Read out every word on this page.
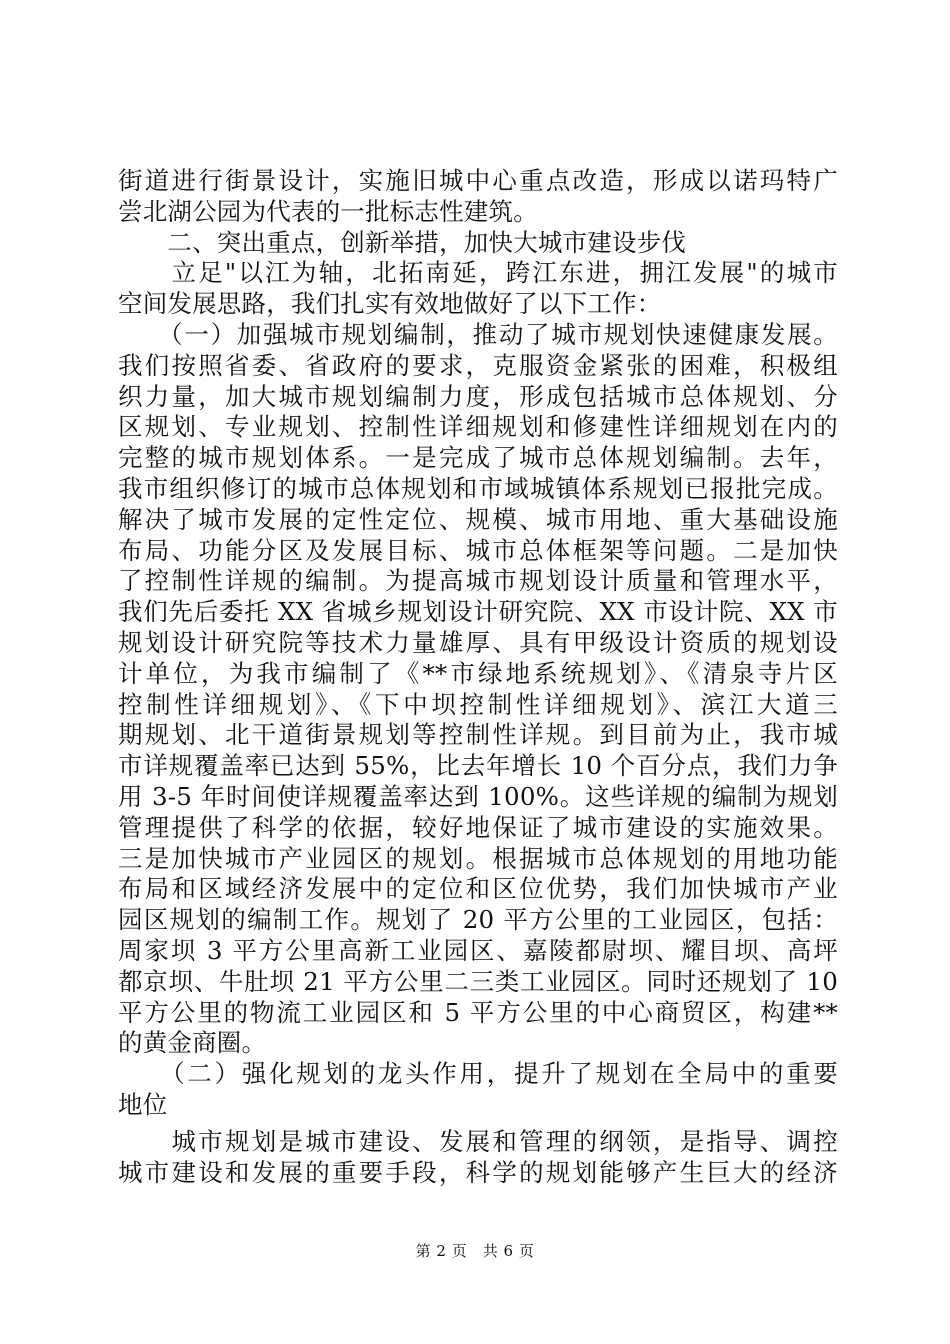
街道进行街景设计，实施旧城中心重点改造，形成以诺玛特广
尝北湖公园为代表的一批标志性建筑。
　　二、突出重点，创新举措，加快大城市建设步伐
　　立足"以江为轴，北拓南延，跨江东进，拥江发展"的城市
空间发展思路，我们扎实有效地做好了以下工作：
　　（一）加强城市规划编制，推动了城市规划快速健康发展。
我们按照省委、省政府的要求，克服资金紧张的困难，积极组
织力量，加大城市规划编制力度，形成包括城市总体规划、分
区规划、专业规划、控制性详细规划和修建性详细规划在内的
完整的城市规划体系。一是完成了城市总体规划编制。去年，
我市组织修订的城市总体规划和市域城镇体系规划已报批完成。
解决了城市发展的定性定位、规模、城市用地、重大基础设施
布局、功能分区及发展目标、城市总体框架等问题。二是加快
了控制性详规的编制。为提高城市规划设计质量和管理水平，
我们先后委托 XX 省城乡规划设计研究院、XX 市设计院、XX 市
规划设计研究院等技术力量雄厚、具有甲级设计资质的规划设
计单位，为我市编制了《**市绿地系统规划》、《清泉寺片区
控制性详细规划》、《下中坝控制性详细规划》、滨江大道三
期规划、北干道街景规划等控制性详规。到目前为止，我市城
市详规覆盖率已达到 55%，比去年增长 10 个百分点，我们力争
用 3-5 年时间使详规覆盖率达到 100%。这些详规的编制为规划
管理提供了科学的依据，较好地保证了城市建设的实施效果。
三是加快城市产业园区的规划。根据城市总体规划的用地功能
布局和区域经济发展中的定位和区位优势，我们加快城市产业
园区规划的编制工作。规划了 20 平方公里的工业园区，包括：
周家坝 3 平方公里高新工业园区、嘉陵都尉坝、耀目坝、高坪
都京坝、牛肚坝 21 平方公里二三类工业园区。同时还规划了 10
平方公里的物流工业园区和 5 平方公里的中心商贸区，构建**
的黄金商圈。
　　（二）强化规划的龙头作用，提升了规划在全局中的重要
地位
　　城市规划是城市建设、发展和管理的纲领，是指导、调控
城市建设和发展的重要手段，科学的规划能够产生巨大的经济
第 2 页　共 6 页
